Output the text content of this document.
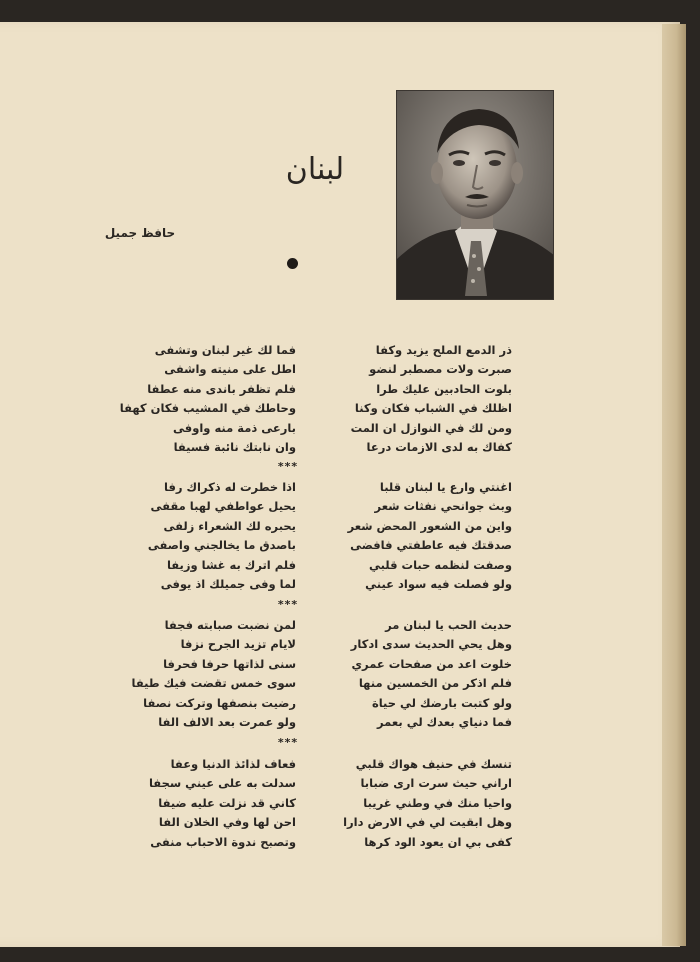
لبنان
حافظ جميل
ذر الدمع الملح يزيد وكفا
صبرت ولات مصطبر لنضو
بلوت الحادبين عليك طرا
اظلك في الشباب فكان وكنا
ومن لك في النوازل ان المت
كفاك به لدى الازمات درعا
فما لك غير لبنان وتشفى
اطل على منيته واشفى
فلم تظفر باندى منه عطفا
وحاطك في المشيب فكان كهفا
بارعى ذمة منه واوفى
وان نابتك نائبة فسيفا
***
اغنتي وارع يا لبنان قلبا
وبث جوانحي نفثات شعر
واين من الشعور المحض شعر
صدقتك فيه عاطفتي فافضى
وصفت لنظمه حبات قلبي
ولو فصلت فيه سواد عيني
اذا خطرت له ذكراك رفا
يحيل عواطفي لهبا مقفى
يحبره لك الشعراء زلفى
باصدق ما يخالجني واصفى
فلم اترك به غشا وزيفا
لما وفى جميلك اذ يوفى
***
حديث الحب يا لبنان مر
وهل يحي الحديث سدى ادكار
خلوت اعد من صفحات عمري
فلم اذكر من الخمسين منها
ولو كتبت بارضك لي حياة
فما دنياي بعدك لي بعمر
لمن نضبت صبابته فجفا
لايام تزيد الجرح نزفا
سنى لذاتها حرفا فحرفا
سوى خمس تقضت فيك طيفا
رضيت بنصفها وتركت نصفا
ولو عمرت بعد الالف الفا
***
تنسك في حنيف هواك قلبي
اراني حيث سرت ارى ضبابا
واحيا منك في وطني غريبا
وهل ابقيت لي في الارض دارا
كفى بي ان يعود الود كرها
فعاف لذائذ الدنيا وعفا
سدلت به على عيني سجفا
كاني قد نزلت عليه ضيفا
احن لها وفي الخلان الفا
وتصبح ندوة الاحباب منفى
